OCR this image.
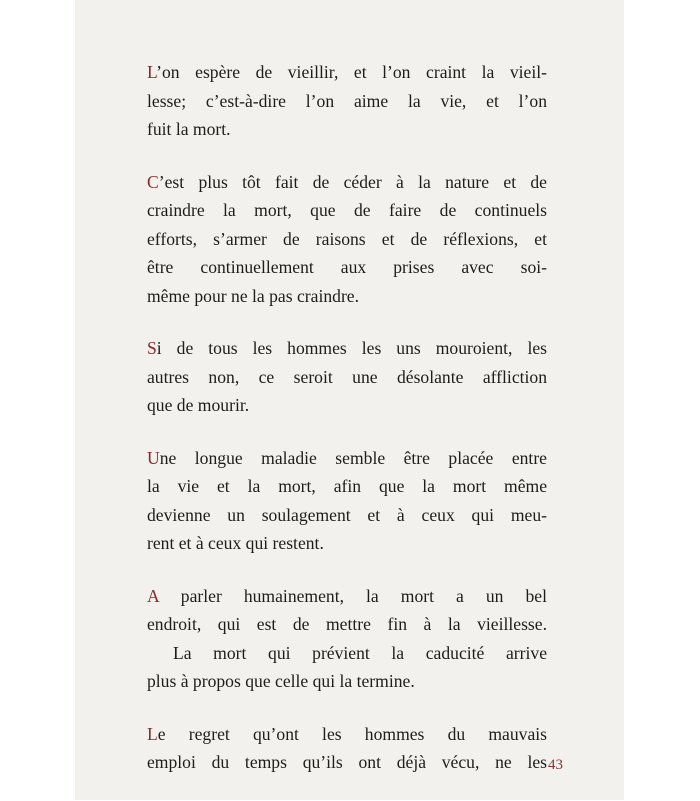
L’on espère de vieillir, et l’on craint la vieil-
lesse; c’est-à-dire l’on aime la vie, et l’on
fuit la mort.

C’est plus tôt fait de céder à la nature et de
craindre la mort, que de faire de continuels
efforts, s’armer de raisons et de réflexions, et
être continuellement aux prises avec soi-
même pour ne la pas craindre.

Si de tous les hommes les uns mouroient, les
autres non, ce seroit une désolante affliction
que de mourir.

Une longue maladie semble être placée entre
la vie et la mort, afin que la mort même
devienne un soulagement et à ceux qui meu-
rent et à ceux qui restent.

A parler humainement, la mort a un bel
endroit, qui est de mettre fin à la vieillesse.
La mort qui prévient la caducité arrive
plus à propos que celle qui la termine.

Le regret qu’ont les hommes du mauvais
emploi du temps qu’ils ont déjà vécu, ne les 43
